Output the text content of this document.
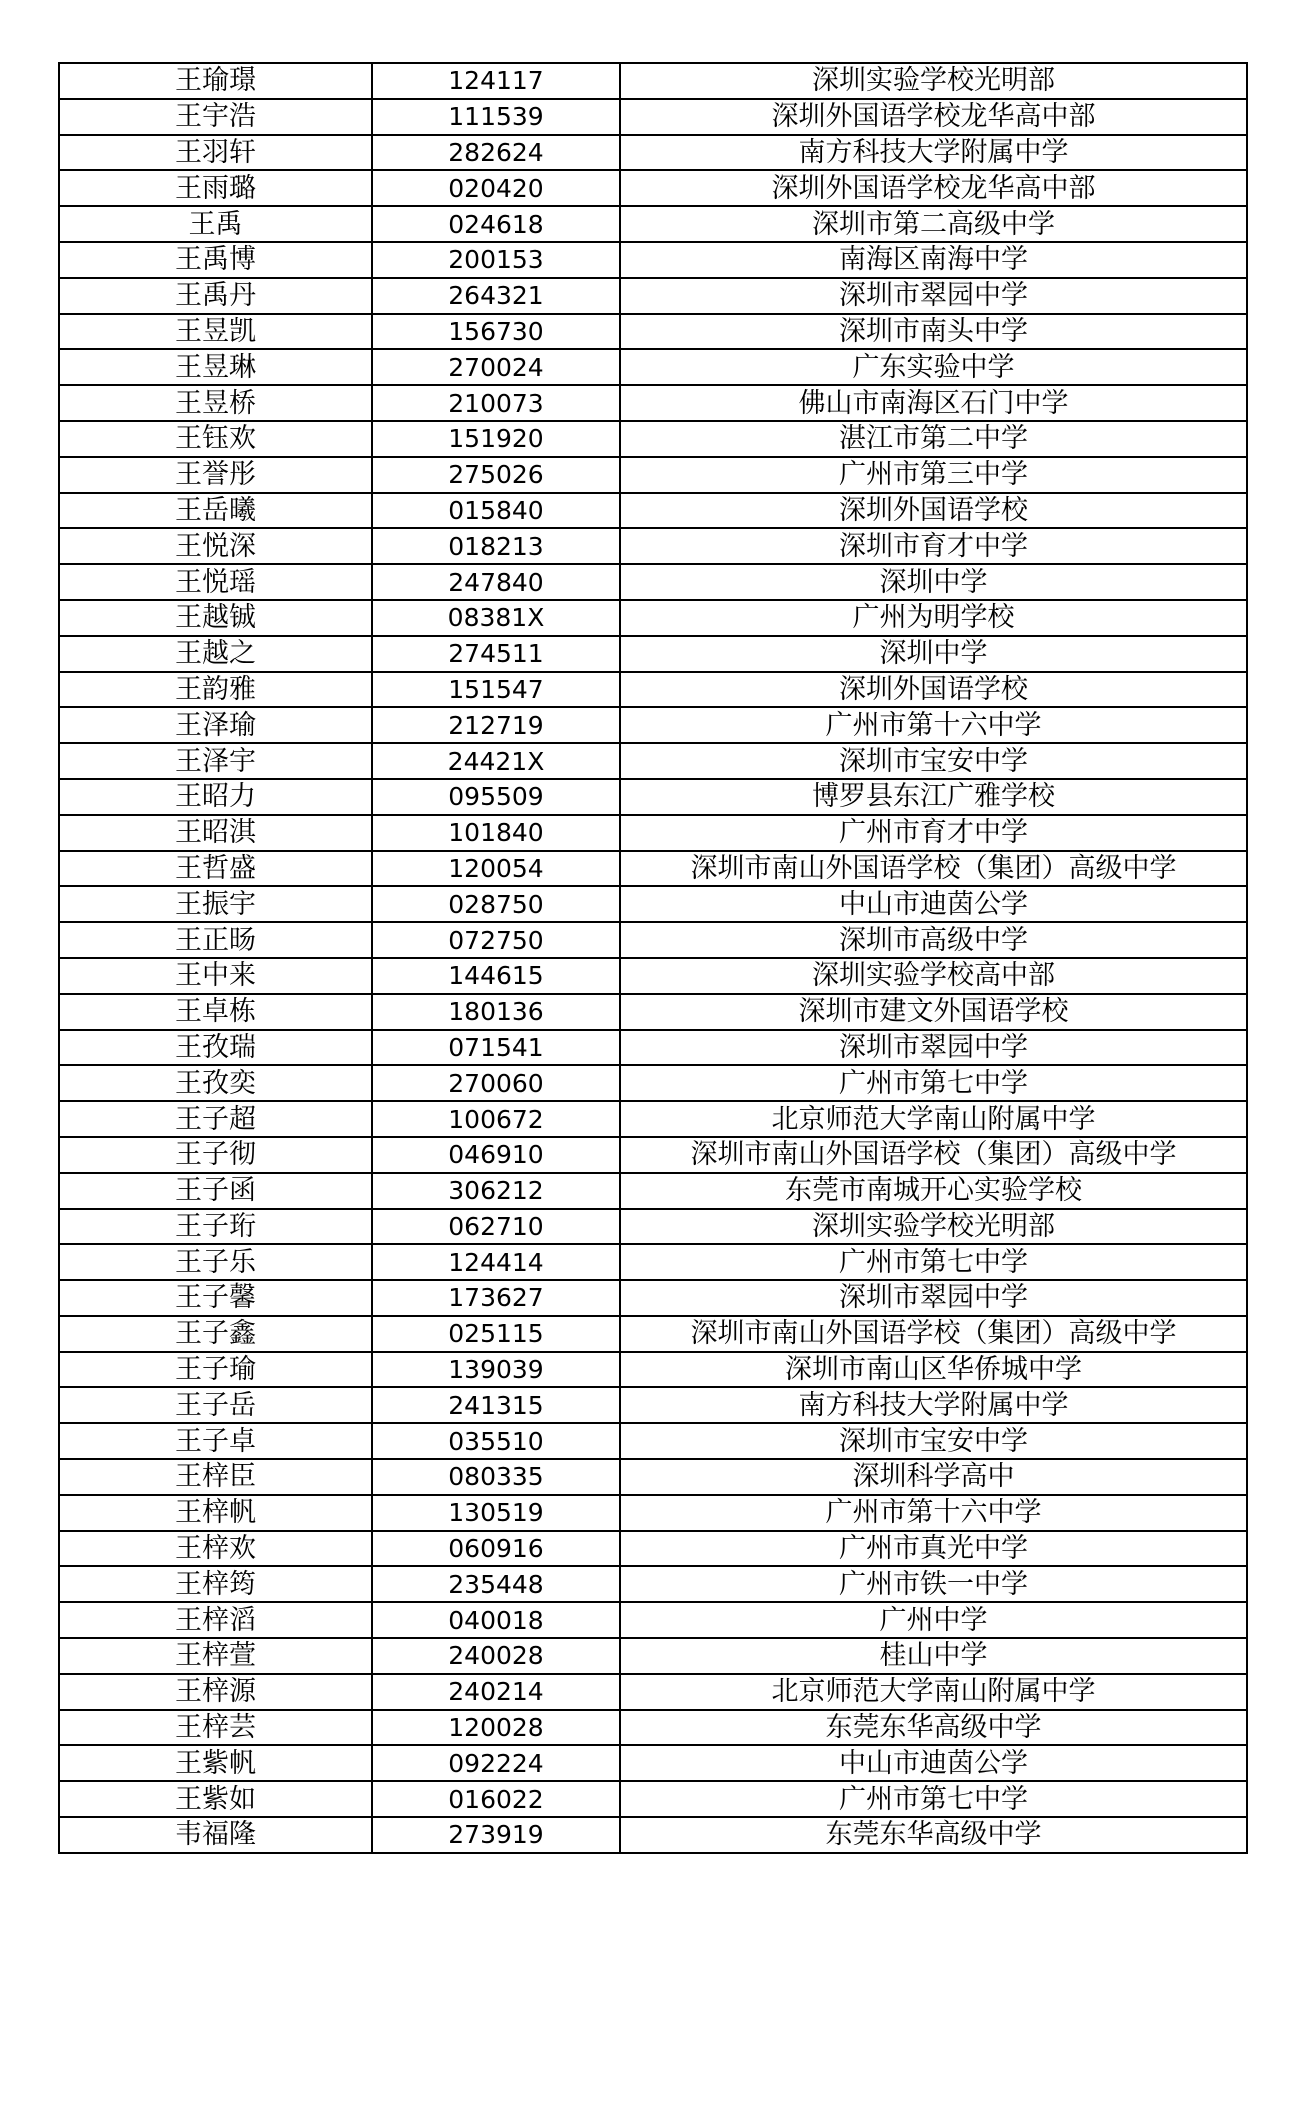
王瑜璟	124117	深圳实验学校光明部
王宇浩	111539	深圳外国语学校龙华高中部
王羽轩	282624	南方科技大学附属中学
王雨璐	020420	深圳外国语学校龙华高中部
王禹	024618	深圳市第二高级中学
王禹博	200153	南海区南海中学
王禹丹	264321	深圳市翠园中学
王昱凯	156730	深圳市南头中学
王昱琳	270024	广东实验中学
王昱桥	210073	佛山市南海区石门中学
王钰欢	151920	湛江市第二中学
王誉彤	275026	广州市第三中学
王岳曦	015840	深圳外国语学校
王悦深	018213	深圳市育才中学
王悦瑶	247840	深圳中学
王越铖	08381X	广州为明学校
王越之	274511	深圳中学
王韵雅	151547	深圳外国语学校
王泽瑜	212719	广州市第十六中学
王泽宇	24421X	深圳市宝安中学
王昭力	095509	博罗县东江广雅学校
王昭淇	101840	广州市育才中学
王哲盛	120054	深圳市南山外国语学校（集团）高级中学
王振宇	028750	中山市迪茵公学
王正旸	072750	深圳市高级中学
王中来	144615	深圳实验学校高中部
王卓栋	180136	深圳市建文外国语学校
王孜瑞	071541	深圳市翠园中学
王孜奕	270060	广州市第七中学
王子超	100672	北京师范大学南山附属中学
王子彻	046910	深圳市南山外国语学校（集团）高级中学
王子函	306212	东莞市南城开心实验学校
王子珩	062710	深圳实验学校光明部
王子乐	124414	广州市第七中学
王子馨	173627	深圳市翠园中学
王子鑫	025115	深圳市南山外国语学校（集团）高级中学
王子瑜	139039	深圳市南山区华侨城中学
王子岳	241315	南方科技大学附属中学
王子卓	035510	深圳市宝安中学
王梓臣	080335	深圳科学高中
王梓帆	130519	广州市第十六中学
王梓欢	060916	广州市真光中学
王梓筠	235448	广州市铁一中学
王梓滔	040018	广州中学
王梓萱	240028	桂山中学
王梓源	240214	北京师范大学南山附属中学
王梓芸	120028	东莞东华高级中学
王紫帆	092224	中山市迪茵公学
王紫如	016022	广州市第七中学
韦福隆	273919	东莞东华高级中学
